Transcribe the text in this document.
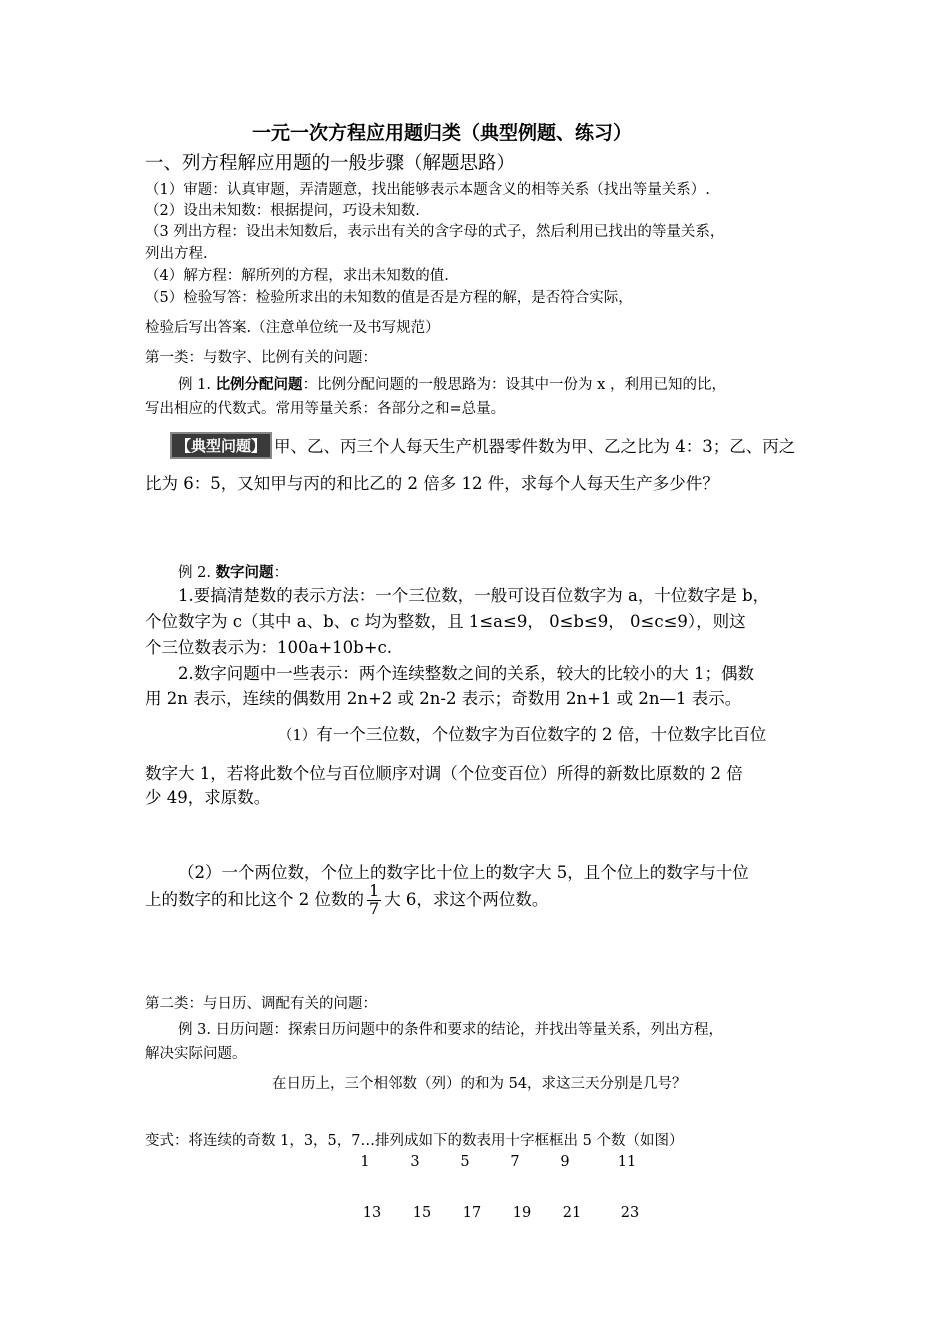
一元一次方程应用题归类（典型例题、练习）
一、列方程解应用题的一般步骤（解题思路）
（1）审题：认真审题，弄清题意，找出能够表示本题含义的相等关系（找出等量关系）.
（2）设出未知数：根据提问，巧设未知数.
（3 列出方程：设出未知数后，表示出有关的含字母的式子，然后利用已找出的等量关系，
列出方程.
（4）解方程：解所列的方程，求出未知数的值.
（5）检验写答：检验所求出的未知数的值是否是方程的解，是否符合实际，
检验后写出答案.（注意单位统一及书写规范）
第一类：与数字、比例有关的问题：
例 1. 比例分配问题：比例分配问题的一般思路为：设其中一份为 x ，利用已知的比，
写出相应的代数式。常用等量关系：各部分之和=总量。
【典型问题】 甲、乙、丙三个人每天生产机器零件数为甲、乙之比为 4：3；乙、丙之
比为 6：5，又知甲与丙的和比乙的 2 倍多 12 件，求每个人每天生产多少件？
例 2. 数字问题：
1.要搞清楚数的表示方法：一个三位数，一般可设百位数字为 a，十位数字是 b，
个位数字为 c（其中 a、b、c 均为整数，且 1≤a≤9， 0≤b≤9， 0≤c≤9），则这
个三位数表示为：100a+10b+c.
2.数字问题中一些表示：两个连续整数之间的关系，较大的比较小的大 1；偶数
用 2n 表示，连续的偶数用 2n+2 或 2n-2 表示；奇数用 2n+1 或 2n—1 表示。
（1）有一个三位数，个位数字为百位数字的 2 倍，十位数字比百位
数字大 1，若将此数个位与百位顺序对调（个位变百位）所得的新数比原数的 2 倍
少 49，求原数。
（2）一个两位数，个位上的数字比十位上的数字大 5，且个位上的数字与十位
上的数字的和比这个 2 位数的 $\frac{1}{7}$ 大 6，求这个两位数。
第二类：与日历、调配有关的问题：
例 3. 日历问题：探索日历问题中的条件和要求的结论，并找出等量关系，列出方程，
解决实际问题。
在日历上，三个相邻数（列）的和为 54，求这三天分别是几号？
变式：将连续的奇数 1，3，5，7…排列成如下的数表用十字框框出 5 个数（如图）
1	3	5	7	9	11
13	15	17	19	21	23
